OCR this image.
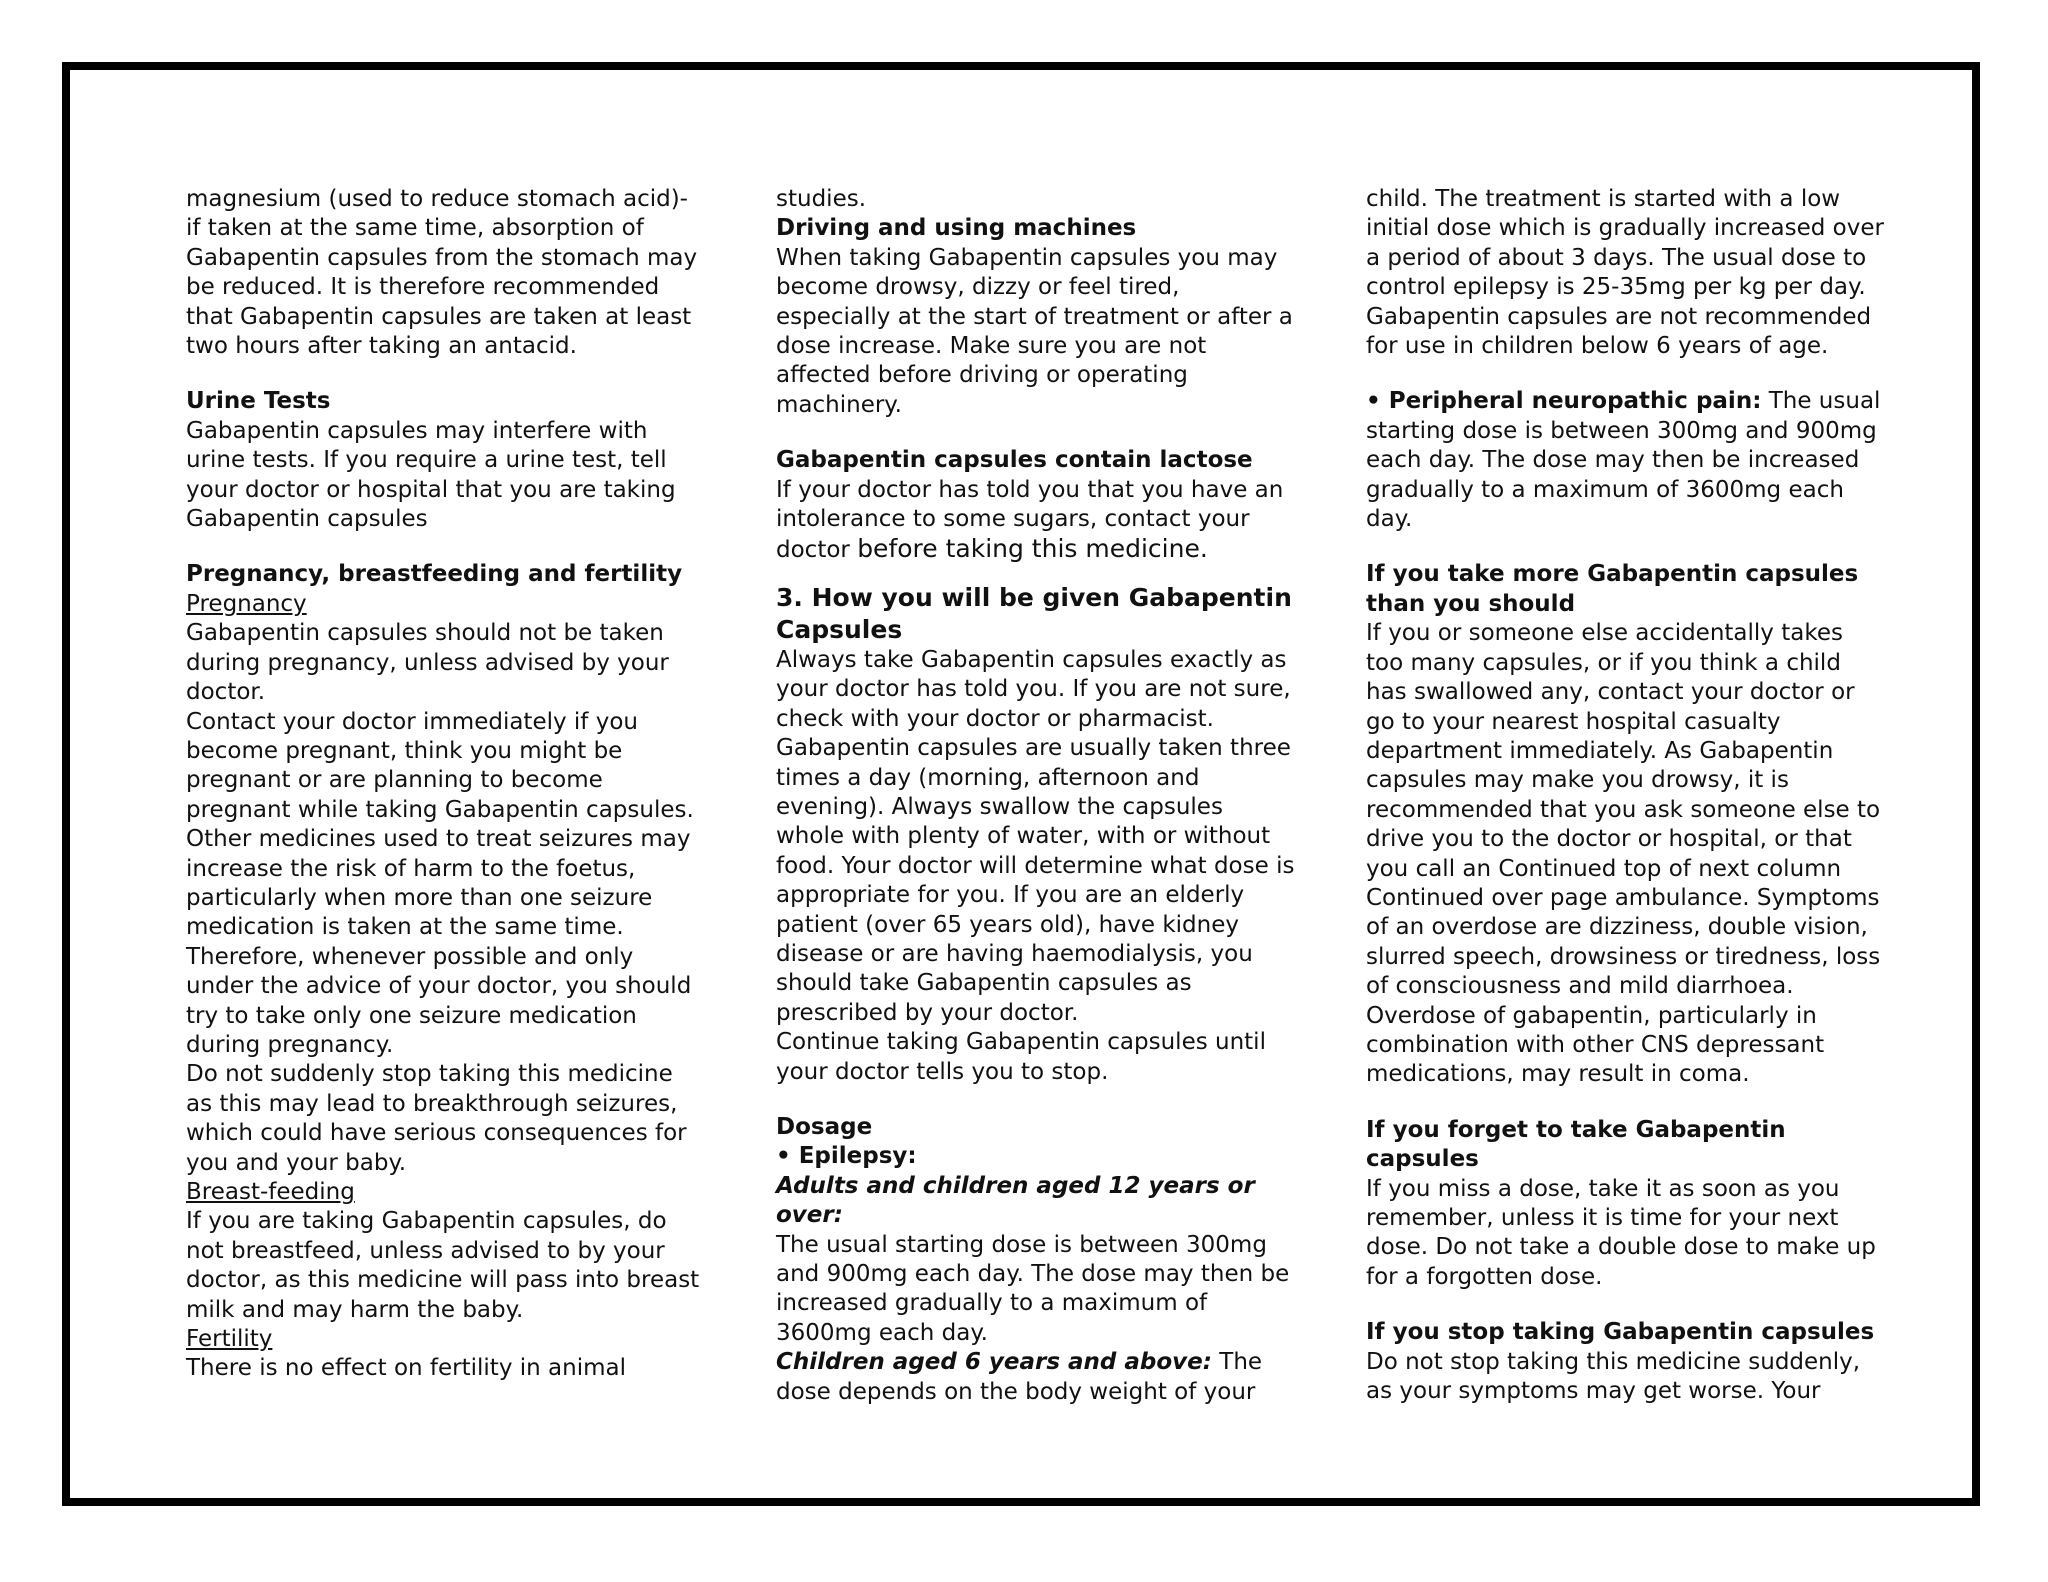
magnesium (used to reduce stomach acid)- if taken at the same time, absorption of Gabapentin capsules from the stomach may be reduced. It is therefore recommended that Gabapentin capsules are taken at least two hours after taking an antacid.

Urine Tests

Gabapentin capsules may interfere with urine tests. If you require a urine test, tell your doctor or hospital that you are taking Gabapentin capsules

Pregnancy, breastfeeding and fertility

Pregnancy

Gabapentin capsules should not be taken during pregnancy, unless advised by your doctor.

Contact your doctor immediately if you become pregnant, think you might be pregnant or are planning to become pregnant while taking Gabapentin capsules. Other medicines used to treat seizures may increase the risk of harm to the foetus, particularly when more than one seizure medication is taken at the same time. Therefore, whenever possible and only under the advice of your doctor, you should try to take only one seizure medication during pregnancy.

Do not suddenly stop taking this medicine as this may lead to breakthrough seizures, which could have serious consequences for you and your baby.

Breast-feeding

If you are taking Gabapentin capsules, do not breastfeed, unless advised to by your doctor, as this medicine will pass into breast milk and may harm the baby.

Fertility

There is no effect on fertility in animal

studies.

Driving and using machines

When taking Gabapentin capsules you may become drowsy, dizzy or feel tired, especially at the start of treatment or after a dose increase. Make sure you are not affected before driving or operating machinery.

Gabapentin capsules contain lactose

If your doctor has told you that you have an intolerance to some sugars, contact your doctor before taking this medicine.

3. How you will be given Gabapentin Capsules

Always take Gabapentin capsules exactly as your doctor has told you. If you are not sure, check with your doctor or pharmacist. Gabapentin capsules are usually taken three times a day (morning, afternoon and evening). Always swallow the capsules whole with plenty of water, with or without food. Your doctor will determine what dose is appropriate for you. If you are an elderly patient (over 65 years old), have kidney disease or are having haemodialysis, you should take Gabapentin capsules as prescribed by your doctor.

Continue taking Gabapentin capsules until your doctor tells you to stop.

Dosage

• Epilepsy:

Adults and children aged 12 years or over:

The usual starting dose is between 300mg and 900mg each day. The dose may then be increased gradually to a maximum of 3600mg each day.

Children aged 6 years and above: The dose depends on the body weight of your

child. The treatment is started with a low initial dose which is gradually increased over a period of about 3 days. The usual dose to control epilepsy is 25-35mg per kg per day. Gabapentin capsules are not recommended for use in children below 6 years of age.

• Peripheral neuropathic pain: The usual starting dose is between 300mg and 900mg each day. The dose may then be increased gradually to a maximum of 3600mg each day.

If you take more Gabapentin capsules than you should

If you or someone else accidentally takes too many capsules, or if you think a child has swallowed any, contact your doctor or go to your nearest hospital casualty department immediately. As Gabapentin capsules may make you drowsy, it is recommended that you ask someone else to drive you to the doctor or hospital, or that you call an Continued top of next column Continued over page ambulance. Symptoms of an overdose are dizziness, double vision, slurred speech, drowsiness or tiredness, loss of consciousness and mild diarrhoea.

Overdose of gabapentin, particularly in combination with other CNS depressant medications, may result in coma.

If you forget to take Gabapentin capsules

If you miss a dose, take it as soon as you remember, unless it is time for your next dose. Do not take a double dose to make up for a forgotten dose.

If you stop taking Gabapentin capsules

Do not stop taking this medicine suddenly, as your symptoms may get worse. Your
